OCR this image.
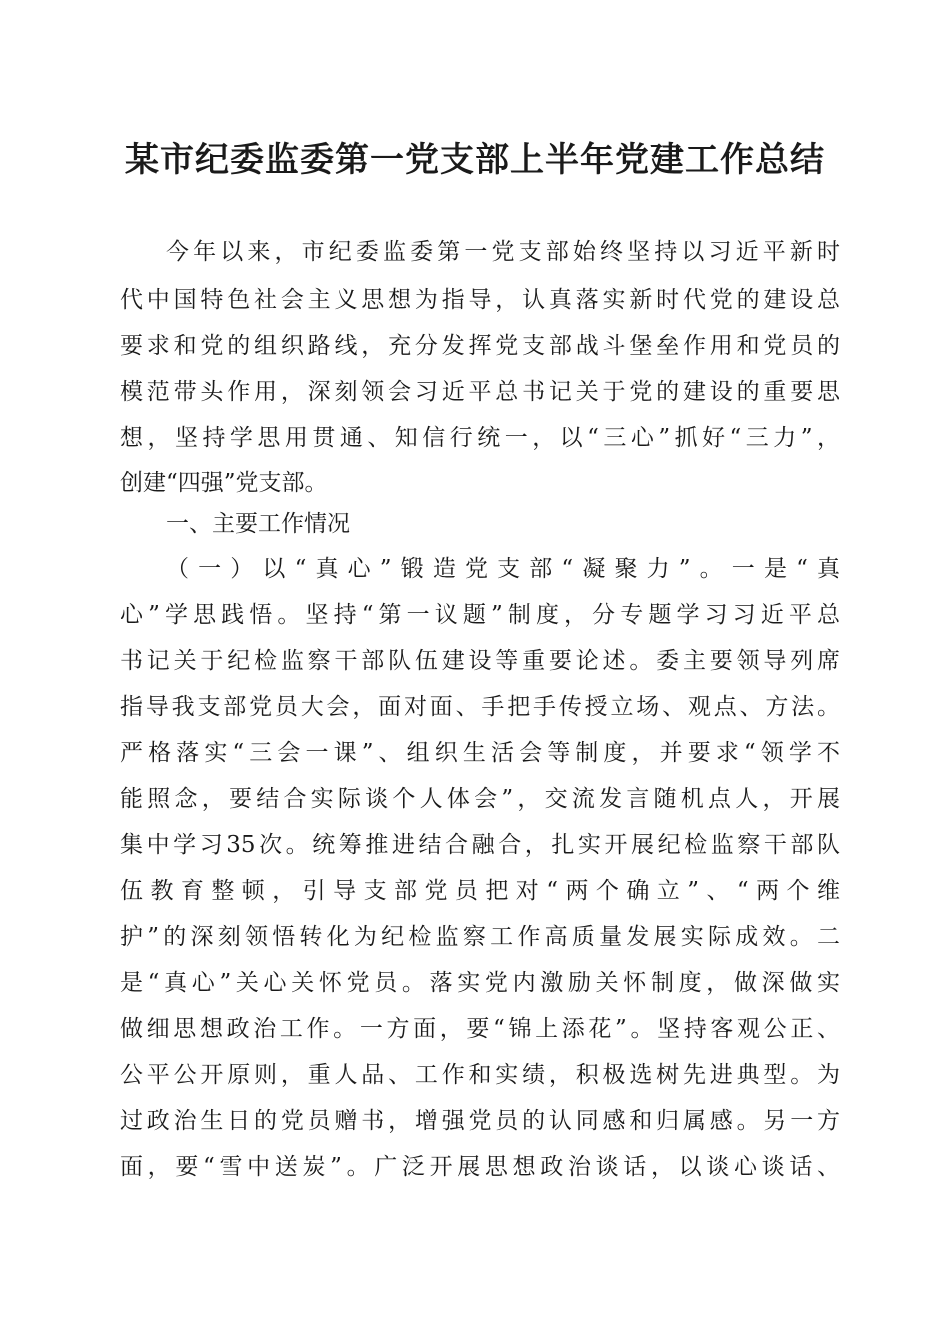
某市纪委监委第一党支部上半年党建工作总结
今年以来，市纪委监委第一党支部始终坚持以习近平新时
代中国特色社会主义思想为指导，认真落实新时代党的建设总
要求和党的组织路线，充分发挥党支部战斗堡垒作用和党员的
模范带头作用，深刻领会习近平总书记关于党的建设的重要思
想，坚持学思用贯通、知信行统一，以“三心”抓好“三力”，
创建“四强”党支部。
一、主要工作情况
（一）以“真心”锻造党支部“凝聚力”。一是“真
心”学思践悟。坚持“第一议题”制度，分专题学习习近平总
书记关于纪检监察干部队伍建设等重要论述。委主要领导列席
指导我支部党员大会，面对面、手把手传授立场、观点、方法。
严格落实“三会一课”、组织生活会等制度，并要求“领学不
能照念，要结合实际谈个人体会”，交流发言随机点人，开展
集中学习35次。统筹推进结合融合，扎实开展纪检监察干部队
伍教育整顿，引导支部党员把对“两个确立”、“两个维
护”的深刻领悟转化为纪检监察工作高质量发展实际成效。二
是“真心”关心关怀党员。落实党内激励关怀制度，做深做实
做细思想政治工作。一方面，要“锦上添花”。坚持客观公正、
公平公开原则，重人品、工作和实绩，积极选树先进典型。为
过政治生日的党员赠书，增强党员的认同感和归属感。另一方
面，要“雪中送炭”。广泛开展思想政治谈话，以谈心谈话、
